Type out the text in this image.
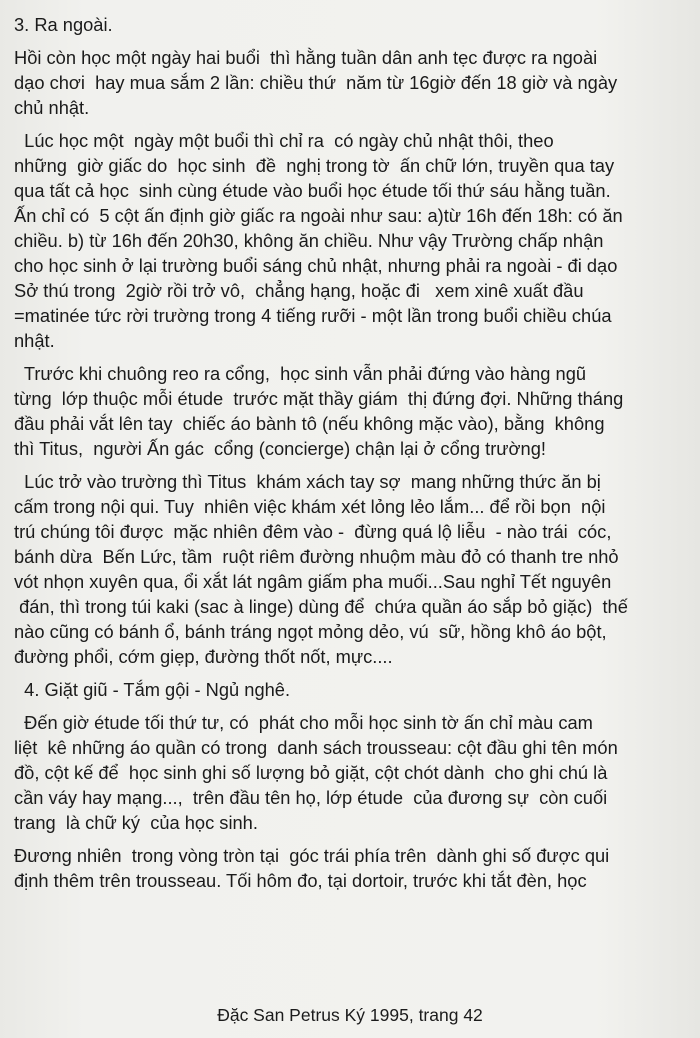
3. Ra ngoài.
Hồi còn học một ngày hai buổi  thì hằng tuần dân anh tẹc được ra ngoài
dạo chơi  hay mua sắm 2 lần: chiều thứ  năm từ 16giờ đến 18 giờ và ngày
chủ nhật.
Lúc học một  ngày một buổi thì chỉ ra  có ngày chủ nhật thôi, theo
những  giờ giấc do  học sinh  đề  nghị trong tờ  ấn chữ lớn, truyền qua tay
qua tất cả học  sinh cùng étude vào buổi học étude tối thứ sáu hằng tuần.
Ấn chỉ có  5 cột ấn định giờ giấc ra ngoài như sau: a)từ 16h đến 18h: có ăn
chiều. b) từ 16h đến 20h30, không ăn chiều. Như vậy Trường chấp nhận
cho học sinh ở lại trường buổi sáng chủ nhật, nhưng phải ra ngoài - đi dạo
Sở thú trong  2giờ rồi trở vô,  chẳng hạng, hoặc đi   xem xinê xuất đầu
=matinée tức rời trường trong 4 tiếng rưỡi - một lần trong buổi chiều chúa
nhật.
Trước khi chuông reo ra cổng,  học sinh vẫn phải đứng vào hàng ngũ
từng  lớp thuộc mỗi étude  trước mặt thầy giám  thị đứng đợi. Những tháng
đầu phải vắt lên tay  chiếc áo bành tô (nếu không mặc vào), bằng  không
thì Titus,  người Ấn gác  cổng (concierge) chận lại ở cổng trường!
Lúc trở vào trường thì Titus  khám xách tay sợ  mang những thức ăn bị
cấm trong nội qui. Tuy  nhiên việc khám xét lỏng lẻo lắm... để rồi bọn  nội
trú chúng tôi được  mặc nhiên đêm vào -  đừng quá lộ liễu  - nào trái  cóc,
bánh dừa  Bến Lức, tầm  ruột riêm đường nhuộm màu đỏ có thanh tre nhỏ
vót nhọn xuyên qua, ổi xắt lát ngâm giấm pha muối...Sau nghỉ Tết nguyên
đán, thì trong túi kaki (sac à linge) dùng để  chứa quần áo sắp bỏ giặc)  thế
nào cũng có bánh ổ, bánh tráng ngọt mỏng dẻo, vú  sữ, hồng khô áo bột,
đường phổi, cớm giẹp, đường thốt nốt, mực....
4. Giặt giũ - Tắm gội - Ngủ nghê.
Đến giờ étude tối thứ tư, có  phát cho mỗi học sinh tờ ấn chỉ màu cam
liệt  kê những áo quần có trong  danh sách trousseau: cột đầu ghi tên món
đồ, cột kế để  học sinh ghi số lượng bỏ giặt, cột chót dành  cho ghi chú là
cần váy hay mạng...,  trên đầu tên họ, lớp étude  của đương sự  còn cuối
trang  là chữ ký  của học sinh.
Đương nhiên  trong vòng tròn tại  góc trái phía trên  dành ghi số được qui
định thêm trên trousseau. Tối hôm đo, tại dortoir, trước khi tắt đèn, học
Đặc San Petrus Ký 1995, trang 42
